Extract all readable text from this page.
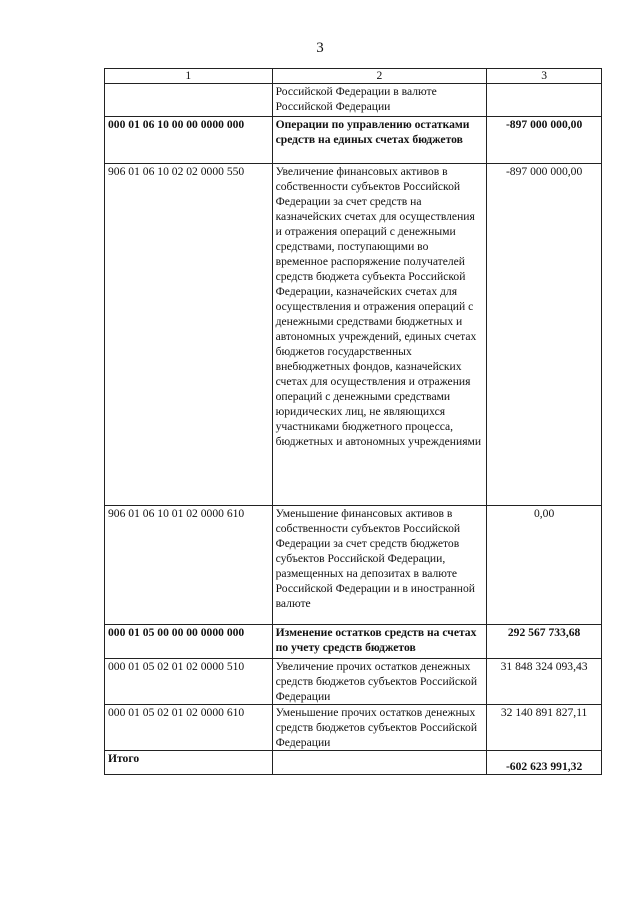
3
1	2	3
	Российской Федерации в валюте Российской Федерации	
000 01 06 10 00 00 0000 000	Операции по управлению остатками средств на единых счетах бюджетов	-897 000 000,00
906 01 06 10 02 02 0000 550	Увеличение финансовых активов в собственности субъектов Российской Федерации за счет средств на казначейских счетах для осуществления и отражения операций с денежными средствами, поступающими во временное распоряжение получателей средств бюджета субъекта Российской Федерации, казначейских счетах для осуществления и отражения операций с денежными средствами бюджетных и автономных учреждений, единых счетах бюджетов государственных внебюджетных фондов, казначейских счетах для осуществления и отражения операций с денежными средствами юридических лиц, не являющихся участниками бюджетного процесса, бюджетных и автономных учреждениями	-897 000 000,00
906 01 06 10 01 02 0000 610	Уменьшение финансовых активов в собственности субъектов Российской Федерации за счет средств бюджетов субъектов Российской Федерации, размещенных на депозитах в валюте Российской Федерации и в иностранной валюте	0,00
000 01 05 00 00 00 0000 000	Изменение остатков средств на счетах по учету средств бюджетов	292 567 733,68
000 01 05 02 01 02 0000 510	Увеличение прочих остатков денежных средств бюджетов субъектов Российской Федерации	31 848 324 093,43
000 01 05 02 01 02 0000 610	Уменьшение прочих остатков денежных средств бюджетов субъектов Российской Федерации	32 140 891 827,11
Итого		-602 623 991,32
